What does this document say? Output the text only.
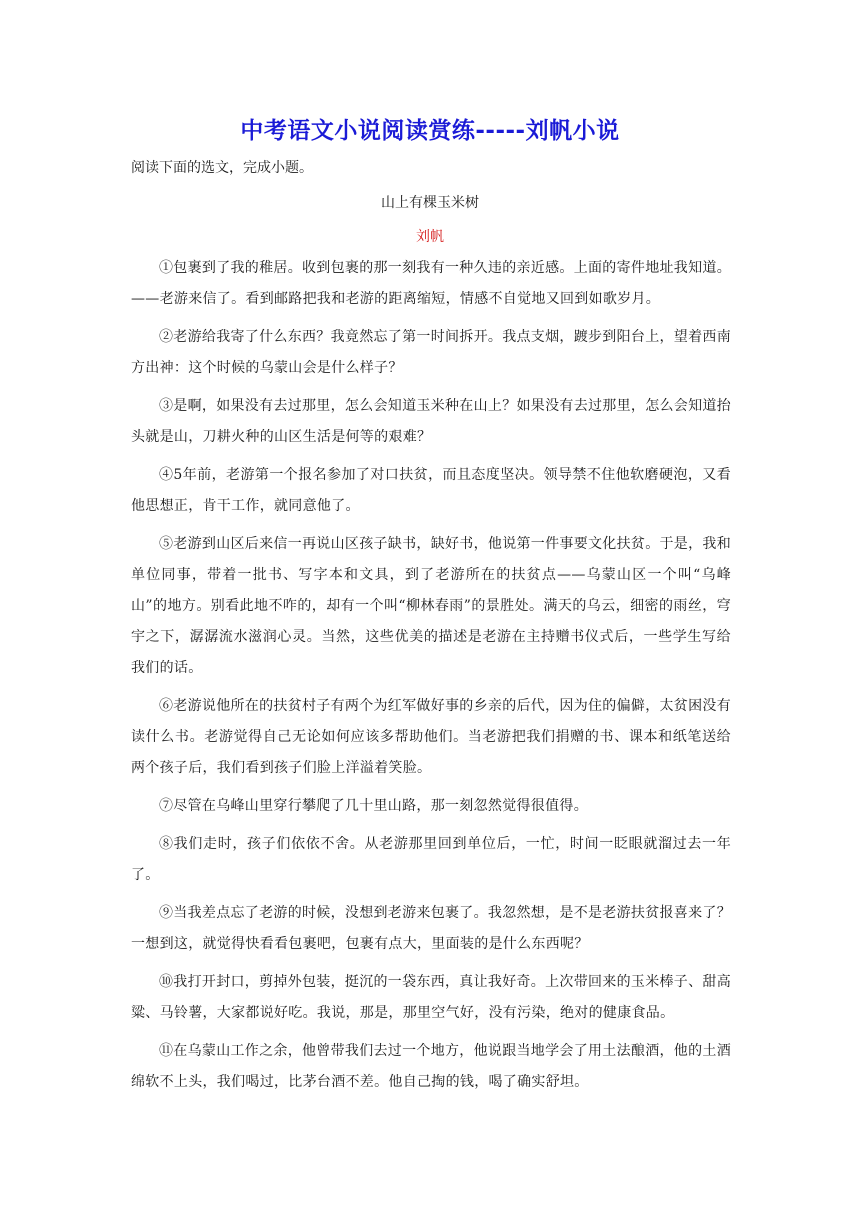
中考语文小说阅读赏练-----刘帆小说

阅读下面的选文，完成小题。

山上有棵玉米树

刘帆

①包裹到了我的稚居。收到包裹的那一刻我有一种久违的亲近感。上面的寄件地址我知道。——老游来信了。看到邮路把我和老游的距离缩短，情感不自觉地又回到如歌岁月。

②老游给我寄了什么东西？我竟然忘了第一时间拆开。我点支烟，踱步到阳台上，望着西南方出神：这个时候的乌蒙山会是什么样子？

③是啊，如果没有去过那里，怎么会知道玉米种在山上？如果没有去过那里，怎么会知道抬头就是山，刀耕火种的山区生活是何等的艰难？

④5年前，老游第一个报名参加了对口扶贫，而且态度坚决。领导禁不住他软磨硬泡，又看他思想正，肯干工作，就同意他了。

⑤老游到山区后来信一再说山区孩子缺书，缺好书，他说第一件事要文化扶贫。于是，我和单位同事，带着一批书、写字本和文具，到了老游所在的扶贫点——乌蒙山区一个叫“乌峰山”的地方。别看此地不咋的，却有一个叫“柳林春雨”的景胜处。满天的乌云，细密的雨丝，穹宇之下，潺潺流水滋润心灵。当然，这些优美的描述是老游在主持赠书仪式后，一些学生写给我们的话。

⑥老游说他所在的扶贫村子有两个为红军做好事的乡亲的后代，因为住的偏僻，太贫困没有读什么书。老游觉得自己无论如何应该多帮助他们。当老游把我们捐赠的书、课本和纸笔送给两个孩子后，我们看到孩子们脸上洋溢着笑脸。

⑦尽管在乌峰山里穿行攀爬了几十里山路，那一刻忽然觉得很值得。

⑧我们走时，孩子们依依不舍。从老游那里回到单位后，一忙，时间一眨眼就溜过去一年了。

⑨当我差点忘了老游的时候，没想到老游来包裹了。我忽然想，是不是老游扶贫报喜来了？一想到这，就觉得快看看包裹吧，包裹有点大，里面装的是什么东西呢？

⑩我打开封口，剪掉外包装，挺沉的一袋东西，真让我好奇。上次带回来的玉米棒子、甜高粱、马铃薯，大家都说好吃。我说，那是，那里空气好，没有污染，绝对的健康食品。

⑪在乌蒙山工作之余，他曾带我们去过一个地方，他说跟当地学会了用土法酿酒，他的土酒绵软不上头，我们喝过，比茅台酒不差。他自己掏的钱，喝了确实舒坦。
